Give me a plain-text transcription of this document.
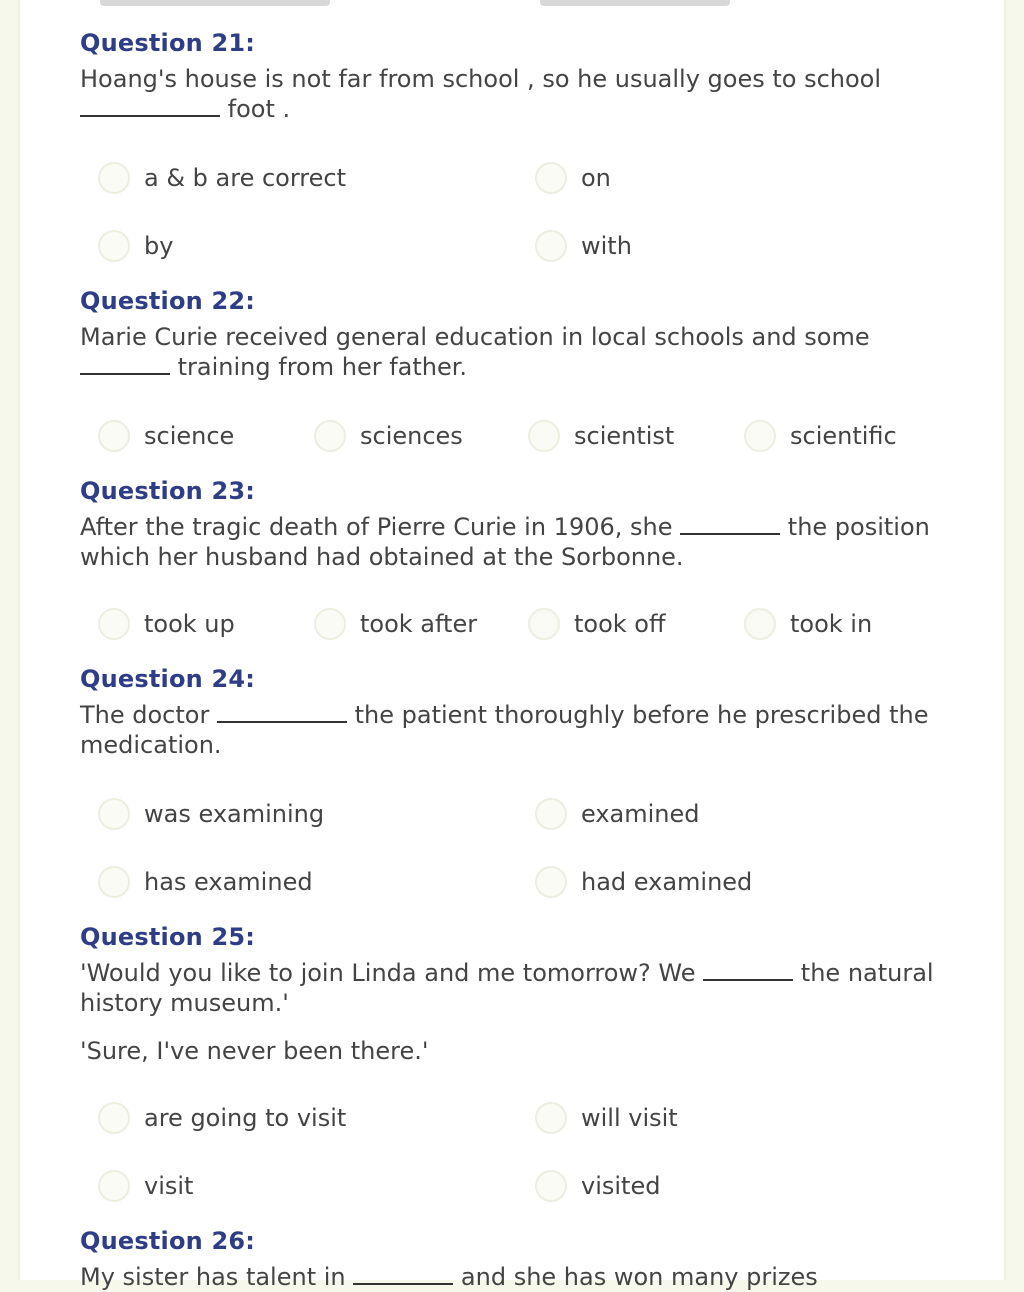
Question 21:
Hoang's house is not far from school , so he usually goes to school
foot .
a & b are correct	on
by	with
Question 22:
Marie Curie received general education in local schools and some  training from her father.
science	sciences	scientist	scientific
Question 23:
After the tragic death of Pierre Curie in 1906, she	the position which her husband had obtained at the Sorbonne.
took up	took after	took off	took in
Question 24:
The doctor	the patient thoroughly before he prescribed the medication.
was examining	examined
has examined	had examined
Question 25:
'Would you like to join Linda and me tomorrow? We	the natural history museum.'
'Sure, I've never been there.'
are going to visit	will visit
visit	visited
Question 26:
My sister has talent in	and she has won many prizes
